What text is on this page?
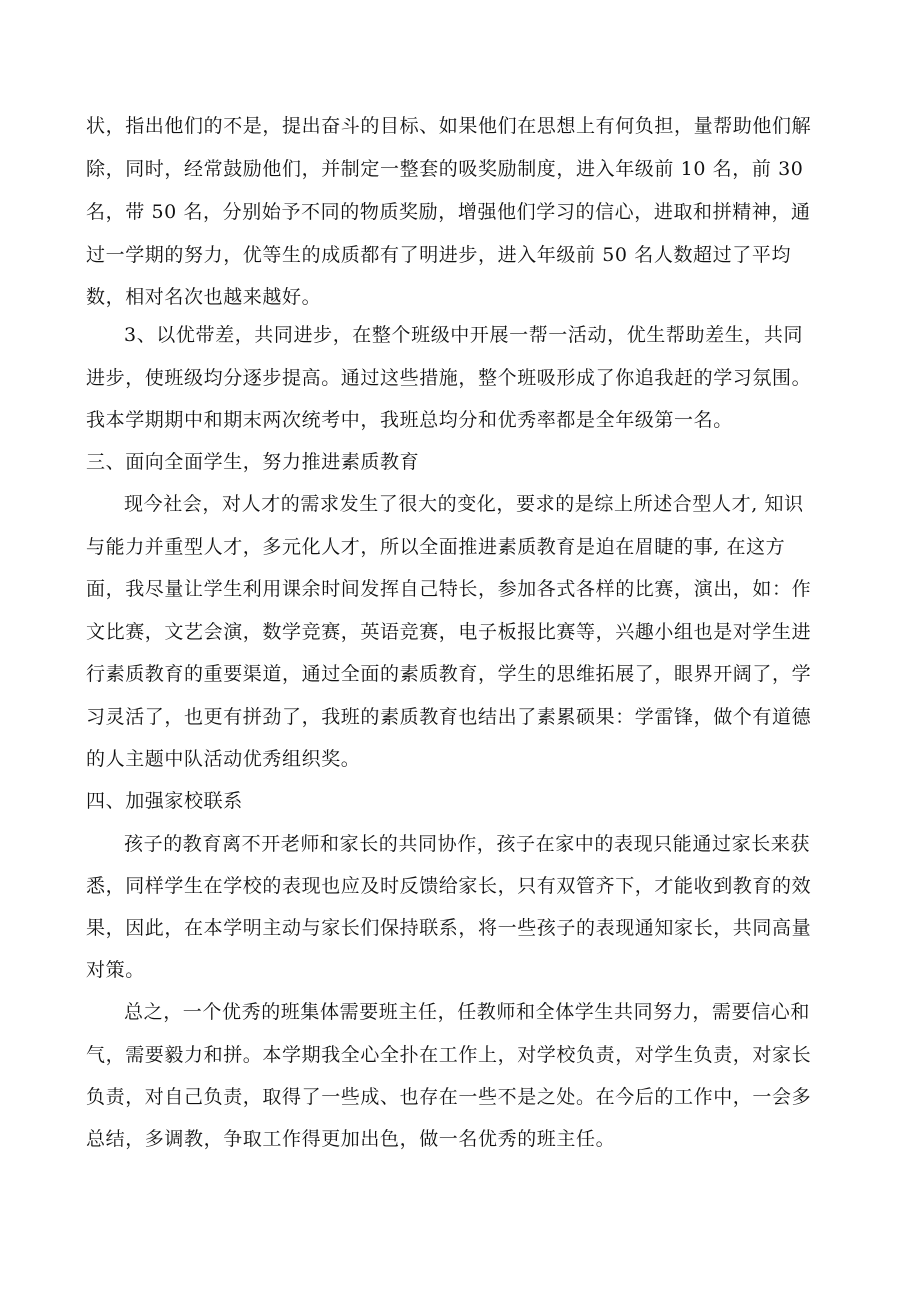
状，指出他们的不是，提出奋斗的目标、如果他们在思想上有何负担，量帮助他们解
除，同时，经常鼓励他们，并制定一整套的吸奖励制度，进入年级前 10 名，前 30
名，带 50 名，分别始予不同的物质奖励，增强他们学习的信心，进取和拼精神，通
过一学期的努力，优等生的成质都有了明进步，进入年级前 50 名人数超过了平均
数，相对名次也越来越好。
3、以优带差，共同进步，在整个班级中开展一帮一活动，优生帮助差生，共同
进步，使班级均分逐步提高。通过这些措施，整个班吸形成了你追我赶的学习氛围。
我本学期期中和期末两次统考中，我班总均分和优秀率都是全年级第一名。
三、面向全面学生，努力推进素质教育
现今社会，对人才的需求发生了很大的变化，要求的是综上所述合型人才, 知识
与能力并重型人才，多元化人才，所以全面推进素质教育是迫在眉睫的事, 在这方
面，我尽量让学生利用课余时间发挥自己特长，参加各式各样的比赛，演出，如：作
文比赛，文艺会演，数学竞赛，英语竞赛，电子板报比赛等，兴趣小组也是对学生进
行素质教育的重要渠道，通过全面的素质教育，学生的思维拓展了，眼界开阔了，学
习灵活了，也更有拼劲了，我班的素质教育也结出了素累硕果：学雷锋，做个有道德
的人主题中队活动优秀组织奖。
四、加强家校联系
孩子的教育离不开老师和家长的共同协作，孩子在家中的表现只能通过家长来获
悉，同样学生在学校的表现也应及时反馈给家长，只有双管齐下，才能收到教育的效
果，因此，在本学明主动与家长们保持联系，将一些孩子的表现通知家长，共同高量
对策。
总之，一个优秀的班集体需要班主任，任教师和全体学生共同努力，需要信心和
气，需要毅力和拼。本学期我全心全扑在工作上，对学校负责，对学生负责，对家长
负责，对自己负责，取得了一些成、也存在一些不是之处。在今后的工作中，一会多
总结，多调教，争取工作得更加出色，做一名优秀的班主任。
